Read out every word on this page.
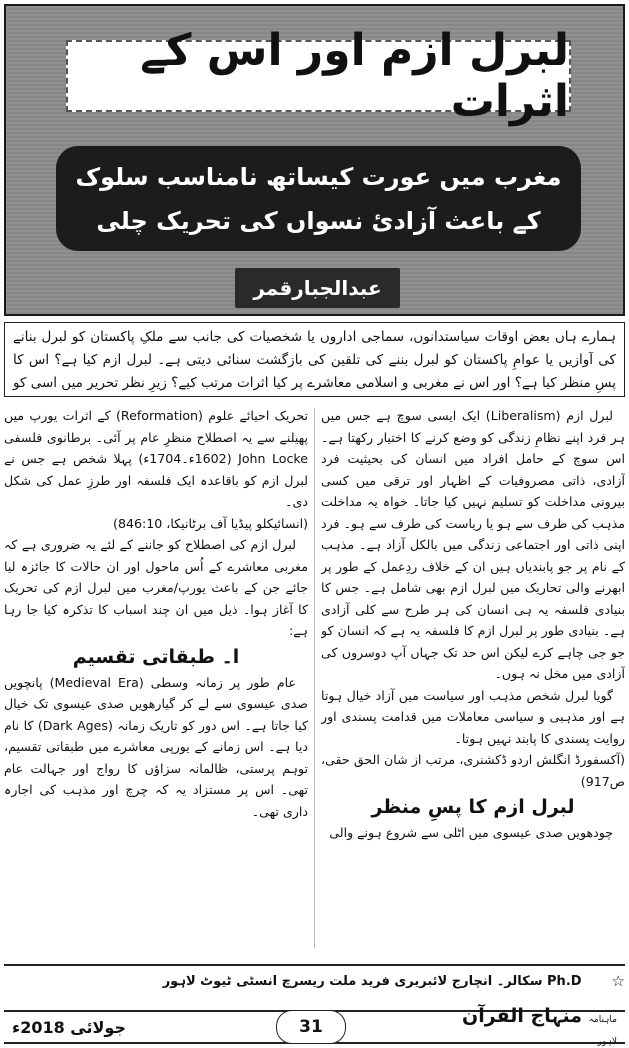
لبرل ازم اور اس کے اثرات
مغرب میں عورت کیساتھ نامناسب سلوک
کے باعث آزادیٔ نسواں کی تحریک چلی
عبدالجبارقمر
ہمارے ہاں بعض اوقات سیاستدانوں، سماجی اداروں یا شخصیات کی جانب سے ملکِ پاکستان کو لبرل بنانے کی آوازیں یا عوامِ پاکستان کو لبرل بننے کی تلقین کی بازگشت سنائی دیتی ہے۔ لبرل ازم کیا ہے؟ اس کا پسِ منظر کیا ہے؟ اور اس نے مغربی و اسلامی معاشرے پر کیا اثرات مرتب کیے؟ زیرِ نظر تحریر میں اسی کو

لبرل ازم (Liberalism) ایک ایسی سوچ ہے جس میں ہر فرد اپنے نظامِ زندگی کو وضع کرنے کا اختیار رکھتا ہے۔ اس سوچ کے حامل افراد میں انسان کی بحیثیت فرد آزادی، ذاتی مصروفیات کے اظہار اور ترقی میں کسی بیرونی مداخلت کو تسلیم نہیں کیا جاتا۔ خواہ یہ مداخلت مذہب کی طرف سے ہو یا ریاست کی طرف سے ہو۔ فرد اپنی ذاتی اور اجتماعی زندگی میں بالکل آزاد ہے۔ مذہب کے نام پر جو پابندیاں ہیں ان کے خلاف ردِعمل کے طور پر ابھرنے والی تحاریک میں لبرل ازم بھی شامل ہے۔ جس کا بنیادی فلسفہ یہ ہی انسان کی ہر طرح سے کلی آزادی ہے۔ بنیادی طور پر لبرل ازم کا فلسفہ یہ ہے کہ انسان کو جو جی چاہے کرے لیکن اس حد تک جہاں آپ دوسروں کی آزادی میں مخل نہ ہوں۔

گویا لبرل شخص مذہب اور سیاست میں آزاد خیال ہوتا ہے اور مذہبی و سیاسی معاملات میں قدامت پسندی اور روایت پسندی کا پابند نہیں ہوتا۔

(آکسفورڈ انگلش اردو ڈکشنری، مرتب از شان الحق حقی، ص917)

لبرل ازم کا پسِ منظر

چودھویں صدی عیسوی میں اٹلی سے شروع ہونے والی

تحریک احیائے علوم (Reformation) کے اثرات یورپ میں پھیلنے سے یہ اصطلاح منظرِ عام پر آئی۔ برطانوی فلسفی John Locke (1602ء۔1704ء) پہلا شخص ہے جس نے لبرل ازم کو باقاعدہ ایک فلسفہ اور طرزِ عمل کی شکل دی۔

(انسائیکلو پیڈیا آف برٹانیکا، 846:10)

لبرل ازم کی اصطلاح کو جاننے کے لئے یہ ضروری ہے کہ مغربی معاشرے کے اُس ماحول اور ان حالات کا جائزہ لیا جائے جن کے باعث یورپ/مغرب میں لبرل ازم کی تحریک کا آغاز ہوا۔ ذیل میں ان چند اسباب کا تذکرہ کیا جا رہا ہے:

ا۔ طبقاتی تقسیم

عام طور پر زمانہ وسطی (Medieval Era) پانچویں صدی عیسوی سے لے کر گیارھویں صدی عیسوی تک خیال کیا جاتا ہے۔ اس دور کو تاریک زمانہ (Dark Ages) کا نام دیا ہے۔ اس زمانے کے یورپی معاشرے میں طبقاتی تقسیم، توہم پرستی، ظالمانہ سزاؤں کا رواج اور جہالت عام تھی۔ اس پر مستزاد یہ کہ چرچ اور مذہب کی اجارہ داری تھی۔

☆
Ph.D سکالر۔ انچارج لائبریری فرید ملت ریسرچ انسٹی ٹیوٹ لاہور
جولائی 2018ء	ماہنامہ منہاج القرآن لاہور
31
